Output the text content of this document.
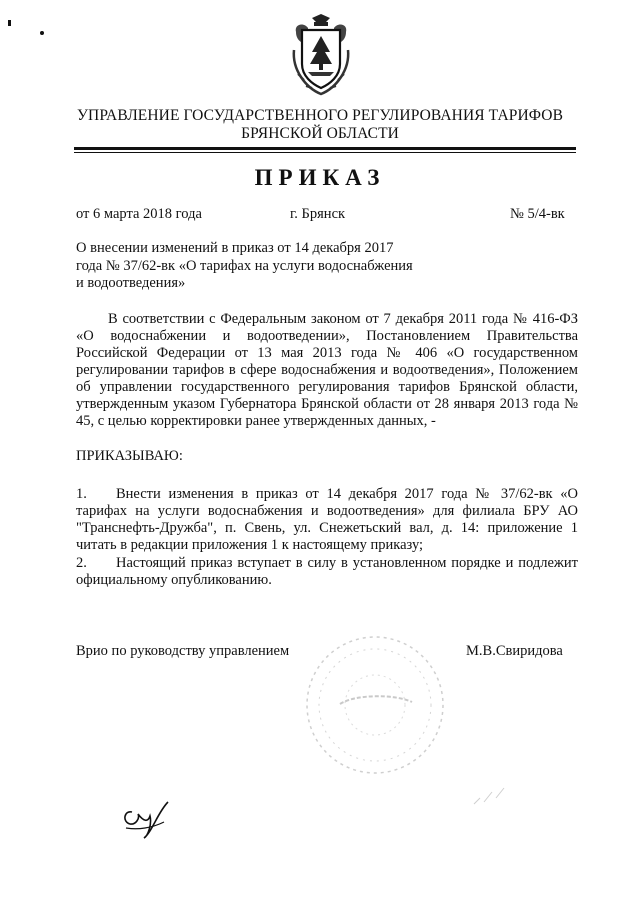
УПРАВЛЕНИЕ ГОСУДАРСТВЕННОГО РЕГУЛИРОВАНИЯ ТАРИФОВ
БРЯНСКОЙ ОБЛАСТИ
ПРИКАЗ
от 6 марта 2018 года	г. Брянск	№ 5/4-вк
О внесении изменений в приказ от 14 декабря 2017
года № 37/62-вк «О тарифах на услуги водоснабжения
и водоотведения»
В соответствии с Федеральным законом от 7 декабря 2011 года № 416-ФЗ «О водоснабжении и водоотведении», Постановлением Правительства Российской Федерации от 13 мая 2013 года № 406 «О государственном регулировании тарифов в сфере водоснабжения и водоотведения», Положением об управлении государственного регулирования тарифов Брянской области, утвержденным указом Губернатора Брянской области от 28 января 2013 года № 45, с целью корректировки ранее утвержденных данных, -
ПРИКАЗЫВАЮ:
1. Внести изменения в приказ от 14 декабря 2017 года № 37/62-вк «О тарифах на услуги водоснабжения и водоотведения» для филиала БРУ АО "Транснефть-Дружба", п. Свень, ул. Снежетьский вал, д. 14: приложение 1 читать в редакции приложения 1 к настоящему приказу;
2. Настоящий приказ вступает в силу в установленном порядке и подлежит официальному опубликованию.
Врио по руководству управлением	М.В.Свиридова
